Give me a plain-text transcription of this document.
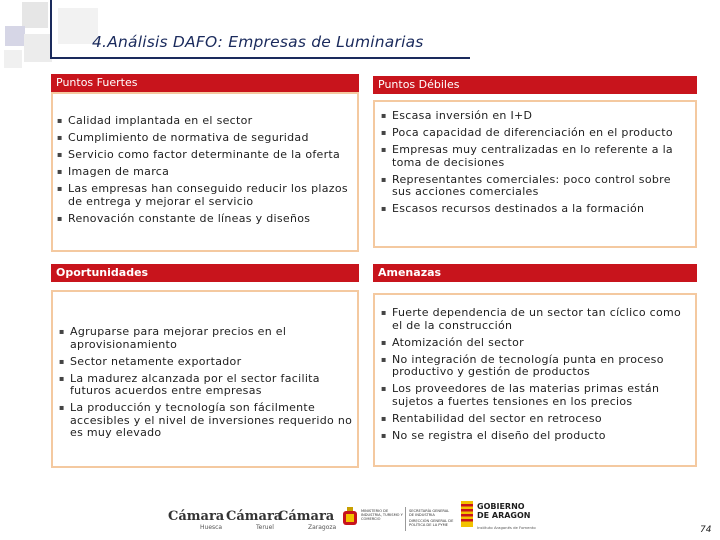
4.Análisis DAFO: Empresas de Luminarias
Puntos Fuertes
▪ Calidad implantada en el sector
▪ Cumplimiento de normativa de seguridad
▪ Servicio como factor determinante de la oferta
▪ Imagen de marca
▪ Las empresas han conseguido reducir los plazos de entrega y mejorar el servicio
▪ Renovación constante de líneas y diseños
Puntos Débiles
▪ Escasa inversión en I+D
▪ Poca capacidad de diferenciación en el producto
▪ Empresas muy centralizadas en lo referente a la toma de decisiones
▪ Representantes comerciales: poco control sobre sus acciones comerciales
▪ Escasos recursos destinados a la formación
Oportunidades
▪ Agruparse para mejorar precios en el aprovisionamiento
▪ Sector netamente exportador
▪ La madurez alcanzada por el sector facilita futuros acuerdos entre empresas
▪ La producción y tecnología son fácilmente accesibles y el nivel de inversiones requerido no es muy elevado
Amenazas
▪ Fuerte dependencia de un sector tan cíclico como el de la construcción
▪ Atomización del sector
▪ No integración de tecnología punta en proceso productivo y gestión de productos
▪ Los proveedores de las materias primas están sujetos a fuertes tensiones en los precios
▪ Rentabilidad del sector en retroceso
▪ No se registra el diseño del producto
Cámara
Huesca
Cámara
Teruel
Cámara
Zaragoza
MINISTERIO DE INDUSTRIA, TURISMO Y COMERCIO
SECRETARÍA GENERAL DE INDUSTRIA
DIRECCIÓN GENERAL DE POLÍTICA DE LA PYME
GOBIERNO DE ARAGON
Instituto Aragonés de Fomento	74
